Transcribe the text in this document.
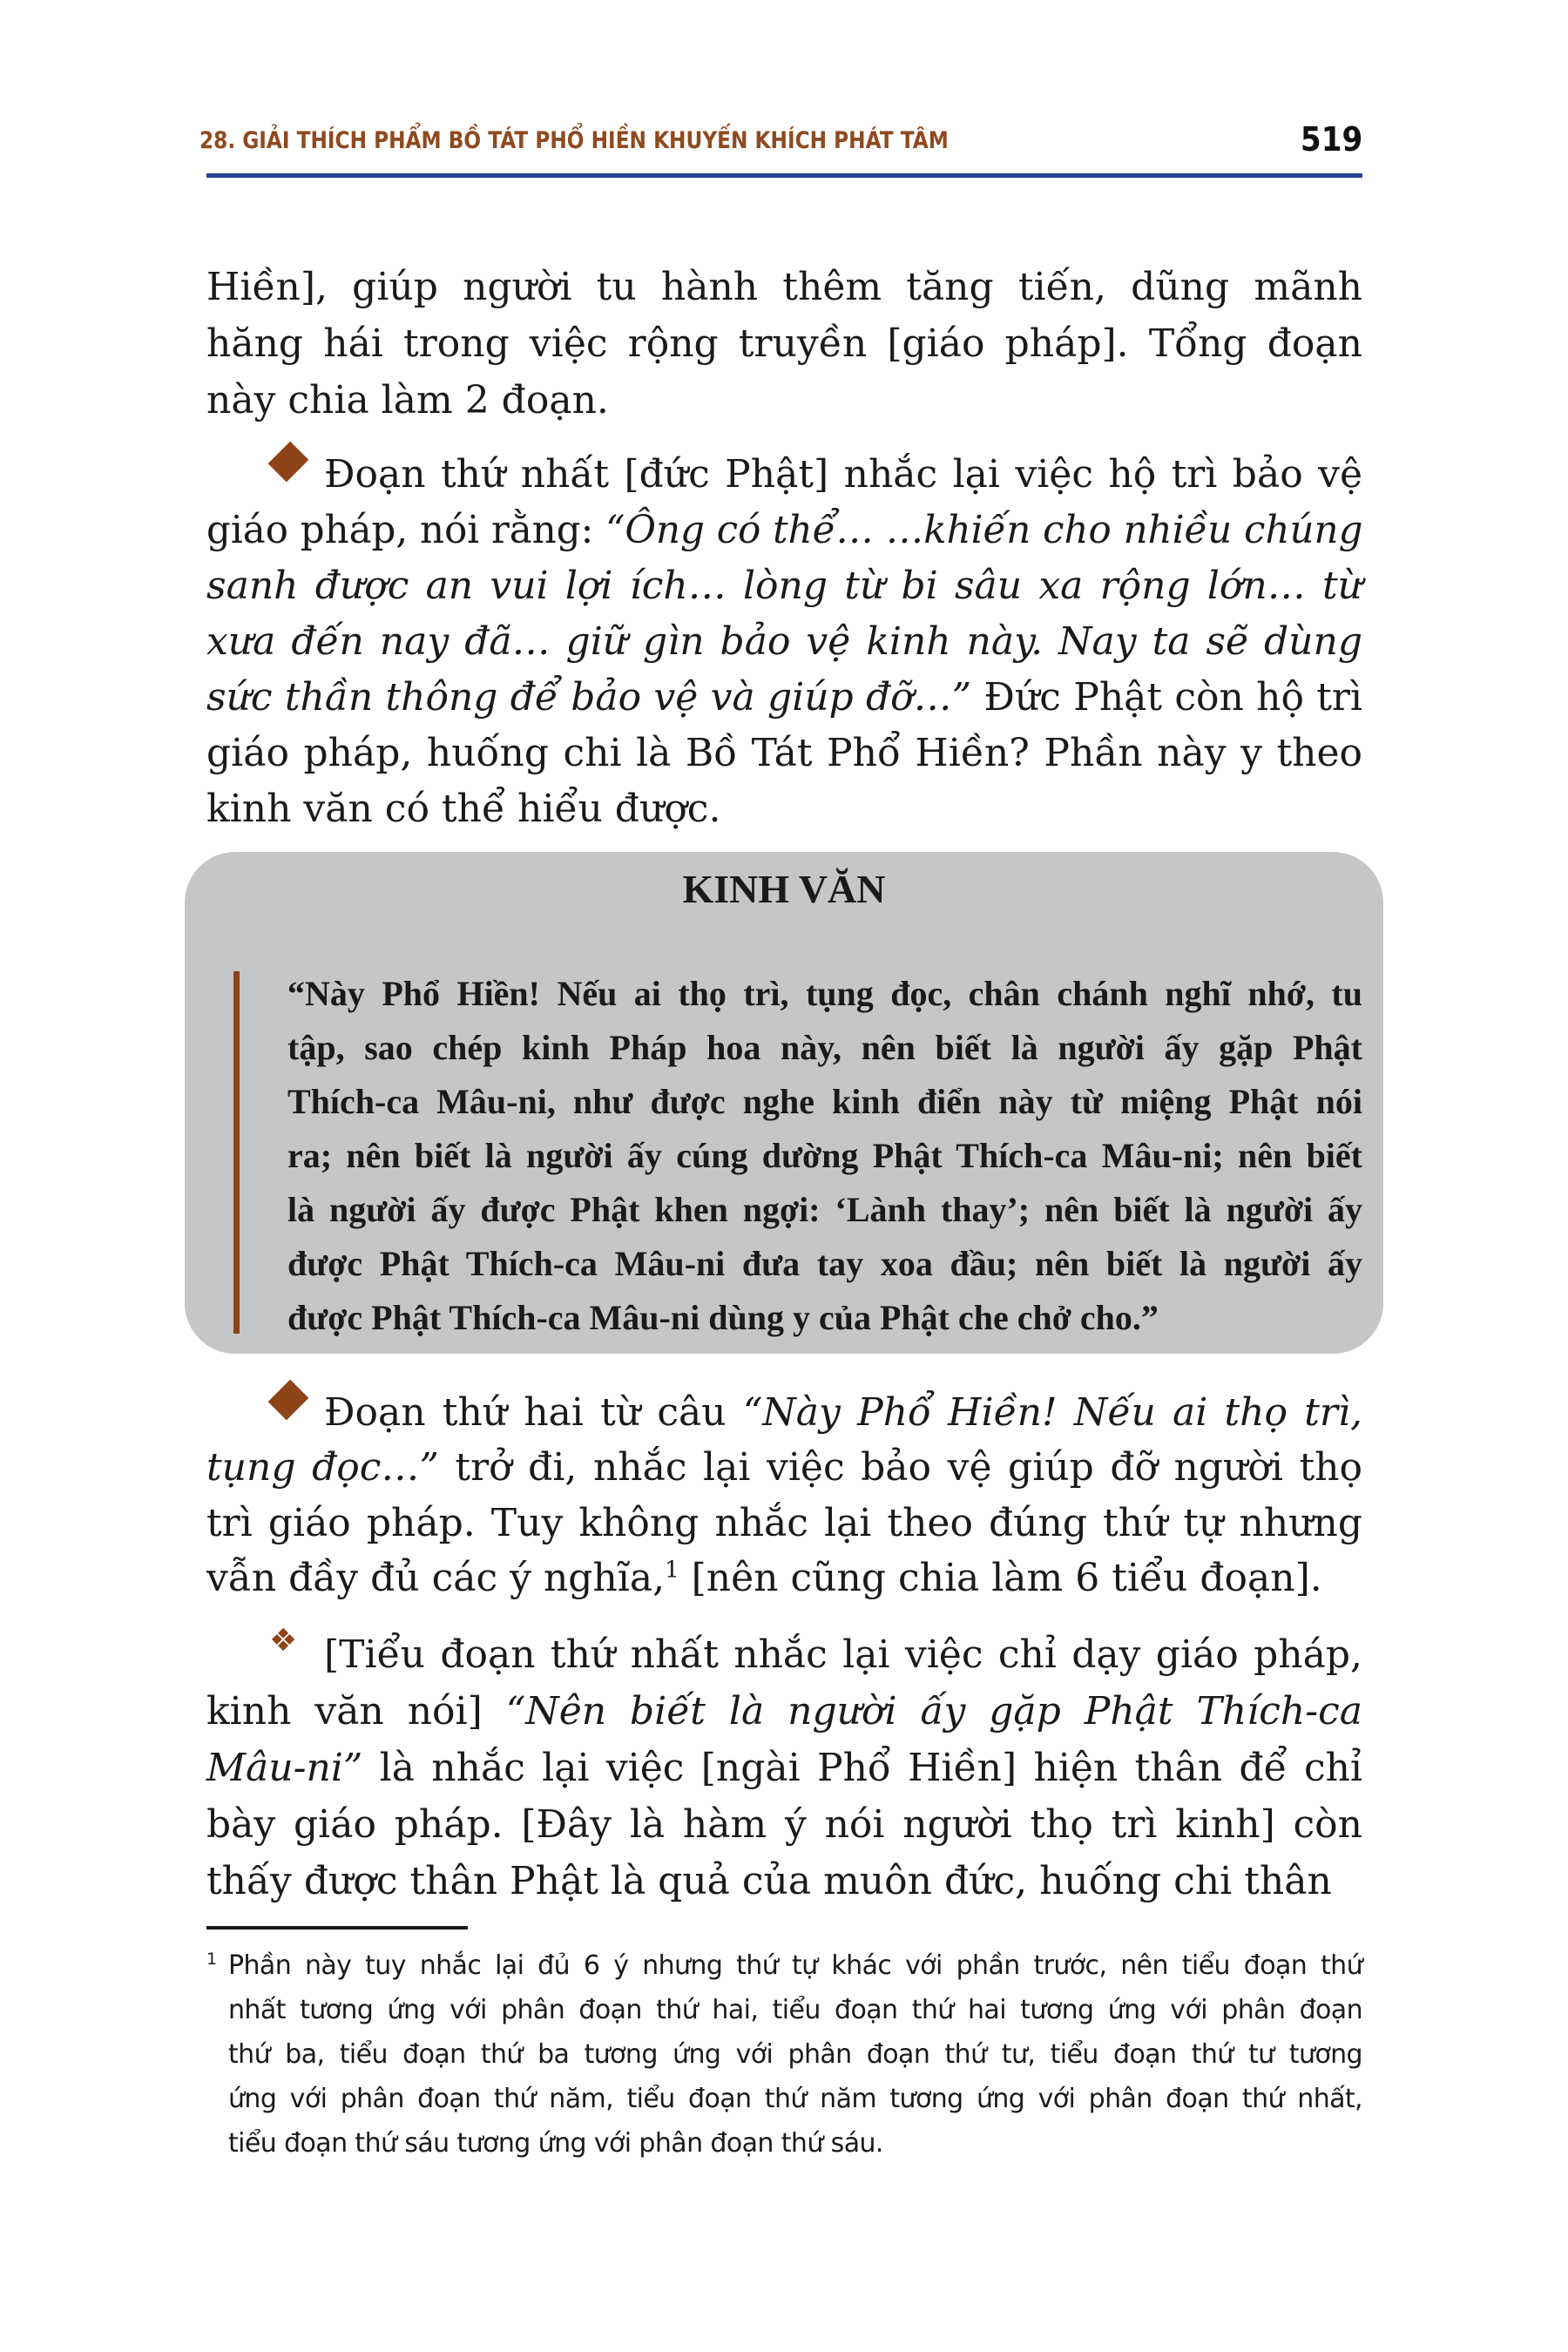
28. GIẢI THÍCH PHẨM BỒ TÁT PHỔ HIỀN KHUYẾN KHÍCH PHÁT TÂM	519
Hiền], giúp người tu hành thêm tăng tiến, dũng mãnh
hăng hái trong việc rộng truyền [giáo pháp]. Tổng đoạn
này chia làm 2 đoạn.
Đoạn thứ nhất [đức Phật] nhắc lại việc hộ trì bảo vệ
giáo pháp, nói rằng: “Ông có thể… …khiến cho nhiều chúng
sanh được an vui lợi ích… lòng từ bi sâu xa rộng lớn… từ
xưa đến nay đã… giữ gìn bảo vệ kinh này. Nay ta sẽ dùng
sức thần thông để bảo vệ và giúp đỡ…” Đức Phật còn hộ trì
giáo pháp, huống chi là Bồ Tát Phổ Hiền? Phần này y theo
kinh văn có thể hiểu được.
KINH VĂN
“Này Phổ Hiền! Nếu ai thọ trì, tụng đọc, chân chánh nghĩ nhớ, tu
tập, sao chép kinh Pháp hoa này, nên biết là người ấy gặp Phật
Thích-ca Mâu-ni, như được nghe kinh điển này từ miệng Phật nói
ra; nên biết là người ấy cúng dường Phật Thích-ca Mâu-ni; nên biết
là người ấy được Phật khen ngợi: ‘Lành thay’; nên biết là người ấy
được Phật Thích-ca Mâu-ni đưa tay xoa đầu; nên biết là người ấy
được Phật Thích-ca Mâu-ni dùng y của Phật che chở cho.”
Đoạn thứ hai từ câu “Này Phổ Hiền! Nếu ai thọ trì,
tụng đọc…” trở đi, nhắc lại việc bảo vệ giúp đỡ người thọ
trì giáo pháp. Tuy không nhắc lại theo đúng thứ tự nhưng
vẫn đầy đủ các ý nghĩa,$^1$ [nên cũng chia làm 6 tiểu đoạn].
❖ [Tiểu đoạn thứ nhất nhắc lại việc chỉ dạy giáo pháp,
kinh văn nói] “Nên biết là người ấy gặp Phật Thích-ca
Mâu-ni” là nhắc lại việc [ngài Phổ Hiền] hiện thân để chỉ
bày giáo pháp. [Đây là hàm ý nói người thọ trì kinh] còn
thấy được thân Phật là quả của muôn đức, huống chi thân
1 Phần này tuy nhắc lại đủ 6 ý nhưng thứ tự khác với phần trước, nên tiểu đoạn thứ
nhất tương ứng với phân đoạn thứ hai, tiểu đoạn thứ hai tương ứng với phân đoạn
thứ ba, tiểu đoạn thứ ba tương ứng với phân đoạn thứ tư, tiểu đoạn thứ tư tương
ứng với phân đoạn thứ năm, tiểu đoạn thứ năm tương ứng với phân đoạn thứ nhất,
tiểu đoạn thứ sáu tương ứng với phân đoạn thứ sáu.
